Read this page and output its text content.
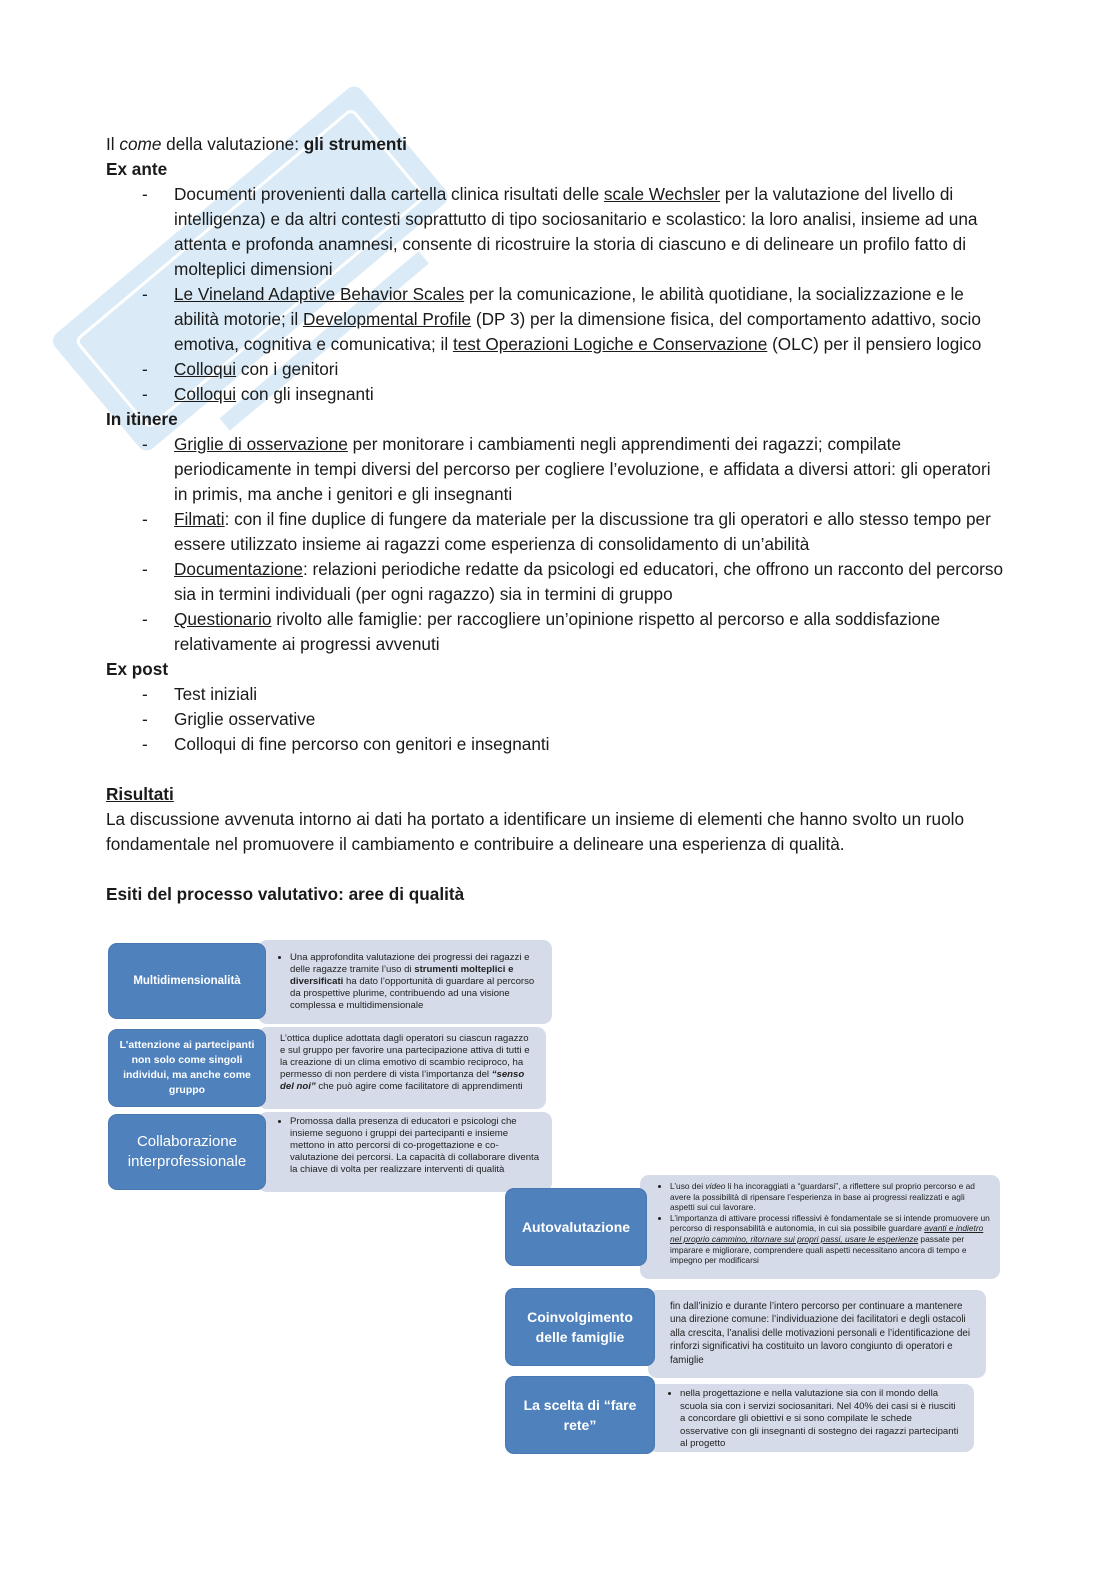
Il come della valutazione: gli strumenti

Ex ante

- Documenti provenienti dalla cartella clinica risultati delle scale Wechsler per la valutazione del livello di intelligenza) e da altri contesti soprattutto di tipo sociosanitario e scolastico: la loro analisi, insieme ad una attenta e profonda anamnesi, consente di ricostruire la storia di ciascuno e di delineare un profilo fatto di molteplici dimensioni
- Le Vineland Adaptive Behavior Scales per la comunicazione, le abilità quotidiane, la socializzazione e le abilità motorie; il Developmental Profile (DP 3) per la dimensione fisica, del comportamento adattivo, socio emotiva, cognitiva e comunicativa; il test Operazioni Logiche e Conservazione (OLC) per il pensiero logico
- Colloqui con i genitori
- Colloqui con gli insegnanti

In itinere

- Griglie di osservazione per monitorare i cambiamenti negli apprendimenti dei ragazzi; compilate periodicamente in tempi diversi del percorso per cogliere l’evoluzione, e affidata a diversi attori: gli operatori in primis, ma anche i genitori e gli insegnanti
- Filmati: con il fine duplice di fungere da materiale per la discussione tra gli operatori e allo stesso tempo per essere utilizzato insieme ai ragazzi come esperienza di consolidamento di un’abilità
- Documentazione: relazioni periodiche redatte da psicologi ed educatori, che offrono un racconto del percorso sia in termini individuali (per ogni ragazzo) sia in termini di gruppo
- Questionario rivolto alle famiglie: per raccogliere un’opinione rispetto al percorso e alla soddisfazione relativamente ai progressi avvenuti

Ex post

- Test iniziali
- Griglie osservative
- Colloqui di fine percorso con genitori e insegnanti

Risultati

La discussione avvenuta intorno ai dati ha portato a identificare un insieme di elementi che hanno svolto un ruolo fondamentale nel promuovere il cambiamento e contribuire a delineare una esperienza di qualità.

Esiti del processo valutativo: aree di qualità

• Una approfondita valutazione dei progressi dei ragazzi e delle ragazze tramite l’uso di strumenti molteplici e diversificati ha dato l’opportunità di guardare al percorso da prospettive plurime, contribuendo ad una visione complessa e multidimensionale
Multidimensionalità
L’ottica duplice adottata dagli operatori su ciascun ragazzo e sul gruppo per favorire una partecipazione attiva di tutti e la creazione di un clima emotivo di scambio reciproco, ha permesso di non perdere di vista l’importanza del “senso del noi” che può agire come facilitatore di apprendimenti
L’attenzione ai partecipanti non solo come singoli individui, ma anche come gruppo
• Promossa dalla presenza di educatori e psicologi che insieme seguono i gruppi dei partecipanti e insieme mettono in atto percorsi di co-progettazione e co-valutazione dei percorsi. La capacità di collaborare diventa la chiave di volta per realizzare interventi di qualità
Collaborazione interprofessionale
• L’uso dei video li ha incoraggiati a “guardarsi”, a riflettere sul proprio percorso e ad avere la possibilità di ripensare l’esperienza in base ai progressi realizzati e agli aspetti sui cui lavorare.
• L’importanza di attivare processi riflessivi è fondamentale se si intende promuovere un percorso di responsabilità e autonomia, in cui sia possibile guardare avanti e indietro nel proprio cammino, ritornare sui propri passi, usare le esperienze passate per imparare e migliorare, comprendere quali aspetti necessitano ancora di tempo e impegno per modificarsi
Autovalutazione
fin dall’inizio e durante l’intero percorso per continuare a mantenere una direzione comune: l’individuazione dei facilitatori e degli ostacoli alla crescita, l’analisi delle motivazioni personali e l’identificazione dei rinforzi significativi ha costituito un lavoro congiunto di operatori e famiglie
Coinvolgimento delle famiglie
• nella progettazione e nella valutazione sia con il mondo della scuola sia con i servizi sociosanitari. Nel 40% dei casi si è riusciti a concordare gli obiettivi e si sono compilate le schede osservative con gli insegnanti di sostegno dei ragazzi partecipanti al progetto
La scelta di “fare rete”
